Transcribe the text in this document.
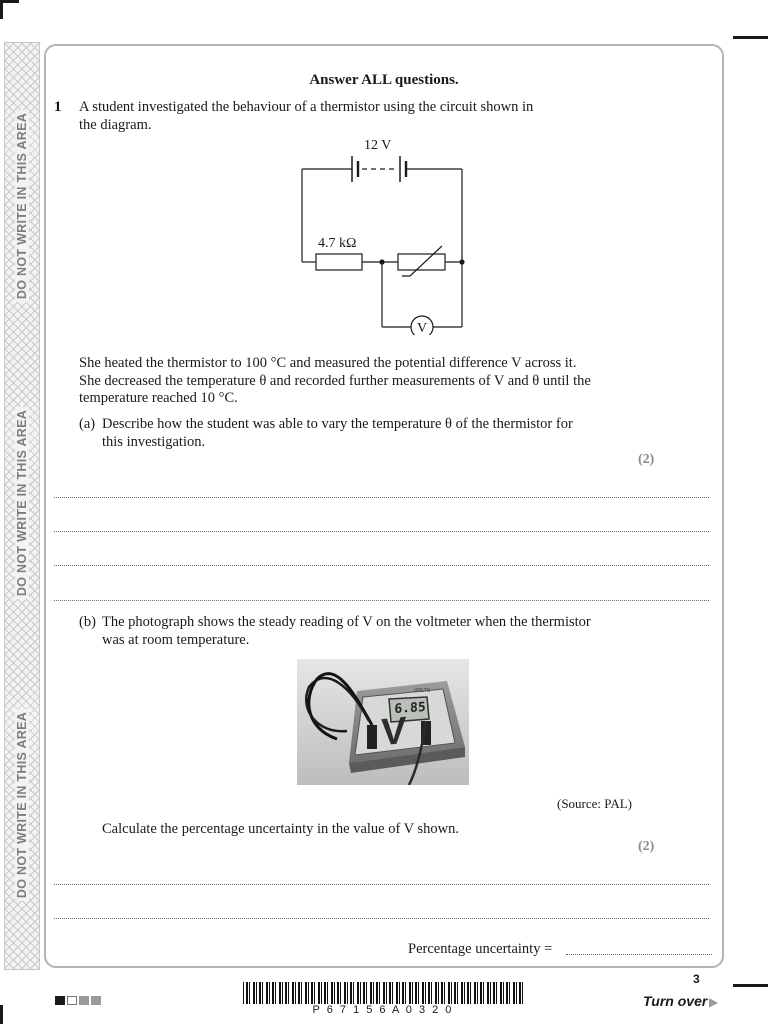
DO NOT WRITE IN THIS AREA
DO NOT WRITE IN THIS AREA
DO NOT WRITE IN THIS AREA
Answer ALL questions.
1 A student investigated the behaviour of a thermistor using the circuit shown in
the diagram.
12 V
4.7 kΩ
V
She heated the thermistor to 100 °C and measured the potential difference V across it.
She decreased the temperature θ and recorded further measurements of V and θ until the
temperature reached 10 °C.
(a) Describe how the student was able to vary the temperature θ of the thermistor for
this investigation.
(2)
(b) The photograph shows the steady reading of V on the voltmeter when the thermistor
was at room temperature.
VOLTS
6.85
V
(Source: PAL)
Calculate the percentage uncertainty in the value of V shown.
(2)
Percentage uncertainty =
P 6 7 1 5 6 A 0 3 2 0
3
Turn over ▶
